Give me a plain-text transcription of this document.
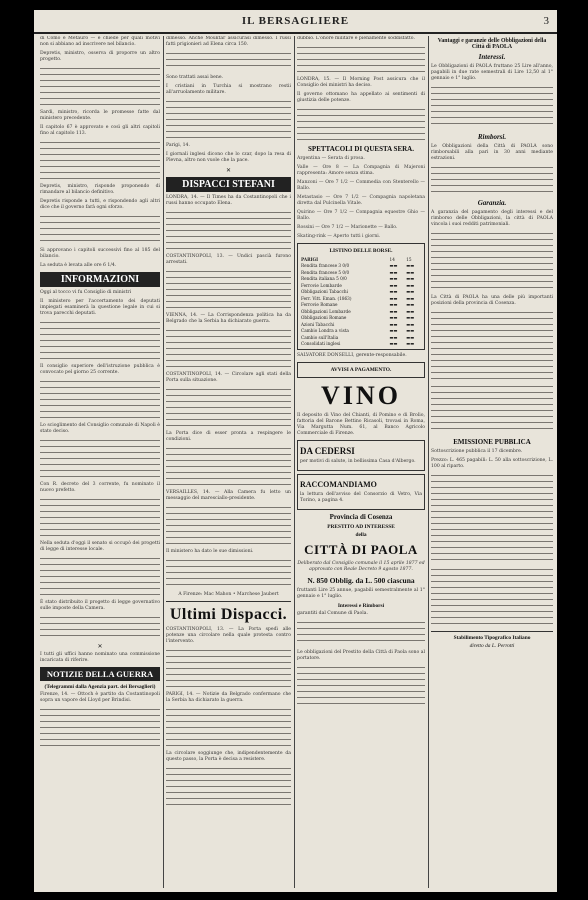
IL BERSAGLIERE	3

di Como e Metauro — e chiede per quali motivi non si abbiano ad inscrivere nel bilancio.

Depretis, ministro, osserva di proporre un altro progetto.

Sardi, ministro, ricorda le promesse fatte dal ministero precedente.

Il capitolo 67 è approvato e così gli altri capitoli fino al capitolo 113.

Depretis, ministro, risponde proponendo di rimandare al bilancio definitivo.

Depretis risponde a tutti, e rispondendo agli altri dice che il governo farà ogni sforzo.

Si approvano i capitoli successivi fino al 185 del bilancio.

La seduta è levata alle ore 6 1/4.

INFORMAZIONI

Oggi al tocco vi fu Consiglio di ministri

Il ministero per l'accertamento dei deputati impiegati esaminerà la questione legale in cui si trova parecchi deputati.

Il consiglio superiore dell'istruzione pubblica è convocato pel giorno 25 corrente.

Lo scioglimento del Consiglio comunale di Napoli è stato deciso.

Con R. decreto del 3 corrente, fu nominato il nuovo prefetto.

Nella seduta d'oggi il senato si occupò dei progetti di legge di interesse locale.

È stato distribuito il progetto di legge governativo sulle imposte della Camera.

✕

I tutti gli uffici hanno nominato una commissione incaricata di riferire.

NOTIZIE DELLA GUERRA
(Telegrammi dalla Agenzia part. dei Bersaglieri)

Firenze, 14. — Ottoch è partito da Costantinopoli sopra un vapore del Lloyd per Brindisi.

dimesso. Anche Mouktar assicurasi dimesso. I russi fatti prigionieri ad Elena circa 150.

Sono trattati assai bene.

I cristiani in Turchia si mostrano restii all'arruolamento militare.

Parigi, 14.

I giornali inglesi dicono che lo czar, dopo la resa di Plevna, altro non vuole che la pace.

✕
DISPACCI STEFANI

LONDRA, 14. — Il Times ha da Costantinopoli che i russi hanno occupato Elena.

COSTANTINOPOLI, 13. — Undici pascià furono arrestati.

VIENNA, 14. — La Corrispondenza politica ha da Belgrado che la Serbia ha dichiarato guerra.

COSTANTINOPOLI, 14. — Circolare agli stati della Porta sulla situazione.

La Porta dice di esser pronta a respingere le condizioni.

VERSAILLES, 14. — Alla Camera fu letto un messaggio del maresciallo-presidente.

Il ministero ha dato le sue dimissioni.

A Firenze: Mac Mahon • Marchese Jaubert

Ultimi Dispacci.

COSTANTINOPOLI, 13. — La Porta spedì alle potenze una circolare nella quale protesta contro l'intervento.

PARIGI, 14. — Notizie da Belgrado confermano che la Serbia ha dichiarato la guerra.

La circolare soggiunge che, indipendentemente da questo passo, la Porta è decisa a resistere.

dubbio. L'onore militare è pienamente soddisfatto.

LONDRA, 15. — Il Morning Post assicura che il Consiglio dei ministri ha deciso.

Il governo ottomano ha appellato ai sentimenti di giustizia delle potenze.

SPETTACOLI DI QUESTA SERA.

Argentina — Serata di prosa.

Valle — Ore 8 — La Compagnia di Majeroni rappresenta: Amore senza stima.

Manzoni — Ore 7 1/2 — Commedia con Stenterello — Ballo.

Metastasio — Ore 7 1/2 — Compagnia napoletana diretta dal Pulcinella Vitale.

Quirino — Ore 7 1/2 — Compagnia equestre Ghio — Ballo.

Rossini — Ore 7 1/2 — Marionette — Ballo.

Skating-rink — Aperto tutti i giorni.

LISTINO DELLE BORSE.
PARIGI	14	15
Rendita francese 3 0/0	▬▬	▬▬
Rendita francese 5 0/0	▬▬	▬▬
Rendita italiana 5 0/0	▬▬	▬▬
Ferrovie Lombarde	▬▬	▬▬
Obbligazioni Tabacchi	▬▬	▬▬
Ferr. Vitt. Eman. (1863)	▬▬	▬▬
Ferrovie Romane	▬▬	▬▬
Obbligazioni Lombarde	▬▬	▬▬
Obbligazioni Romane	▬▬	▬▬
Azioni Tabacchi	▬▬	▬▬
Cambio Londra a vista	▬▬	▬▬
Cambio sull'Italia	▬▬	▬▬
Consolidati inglesi	▬▬	▬▬

SALVATORE DONSELLI, gerente-responsabile.

AVVISI A PAGAMENTO.
VINO

Il deposito di Vino del Chianti, di Pomino e di Brolio, fattoria del Barone Bettino Ricasoli, trovasi in Roma, Via Margutta Num. 61, al Banco Agricolo Commerciale di Firenze.

DA CEDERSI

per motivi di salute, in bellissima Casa d'Albergo.

RACCOMANDIAMO

la lettura dell'avviso del Consorzio di Vetro, Via Torino, a pagina 4.

Provincia di Cosenza
PRESTITO AD INTERESSE
della
CITTÀ DI PAOLA

Deliberato dal Consiglio comunale il 15 aprile 1877 ed approvato con Reale Decreto 9 agosto 1877.

N. 850 Obblig. da L. 500 ciascuna

fruttanti Lire 25 annue, pagabili semestralmente al 1° gennaio e 1° luglio.

Interessi e Rimborsi

garantiti dal Comune di Paola.

Le obbligazioni del Prestito della Città di Paola sono al portatore.

Vantaggi e garanzie delle Obbligazioni della Città di PAOLA
Interessi.

Le Obbligazioni di PAOLA fruttano 25 Lire all'anno, pagabili in due rate semestrali di Lire 12,50 al 1° gennaio e 1° luglio.

Rimborsi.

Le Obbligazioni della Città di PAOLA sono rimborsabili alla pari in 30 anni mediante estrazioni.

Garanzia.

A garanzia del pagamento degli interessi e del rimborso delle Obbligazioni, la città di PAOLA vincola i suoi redditi patrimoniali.

La Città di PAOLA ha una delle più importanti posizioni della provincia di Cosenza.

EMISSIONE PUBBLICA

Sottoscrizione pubblica il 17 dicembre.

Prezzo: L. 465 pagabili: L. 50 alla sottoscrizione, L. 100 al riparto.

Stabilimento Tipografico Italiano
diretto da L. Perrotti
